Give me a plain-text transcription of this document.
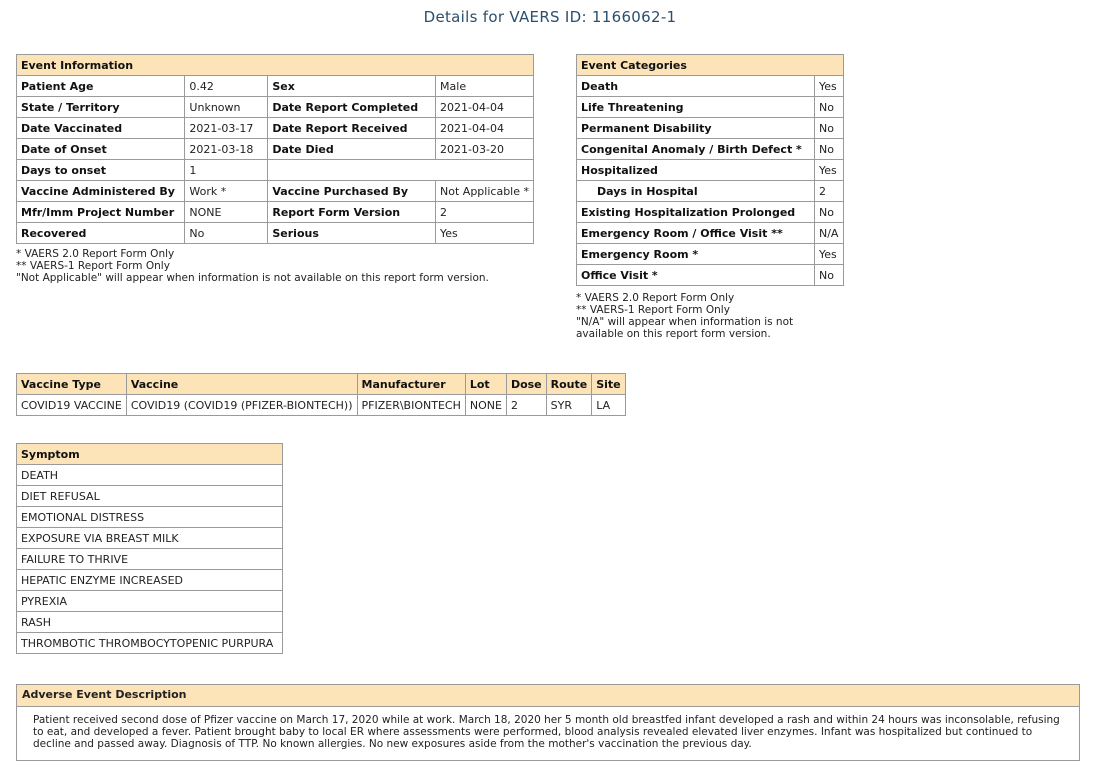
Details for VAERS ID: 1166062-1
Event Information			
Patient Age	0.42	Sex	Male
State / Territory	Unknown	Date Report Completed	2021-04-04
Date Vaccinated	2021-03-17	Date Report Received	2021-04-04
Date of Onset	2021-03-18	Date Died	2021-03-20
Days to onset	1		
Vaccine Administered By	Work *	Vaccine Purchased By	Not Applicable *
Mfr/Imm Project Number	NONE	Report Form Version	2
Recovered	No	Serious	Yes
* VAERS 2.0 Report Form Only
** VAERS-1 Report Form Only
"Not Applicable" will appear when information is not available on this report form version.
Event Categories	
Death	Yes
Life Threatening	No
Permanent Disability	No
Congenital Anomaly / Birth Defect *	No
Hospitalized	Yes
Days in Hospital	2
Existing Hospitalization Prolonged	No
Emergency Room / Office Visit **	N/A
Emergency Room *	Yes
Office Visit *	No
* VAERS 2.0 Report Form Only
** VAERS-1 Report Form Only
"N/A" will appear when information is not
available on this report form version.
Vaccine Type	Vaccine	Manufacturer	Lot	Dose	Route	Site
COVID19 VACCINE	COVID19 (COVID19 (PFIZER-BIONTECH))	PFIZER\BIONTECH	NONE	2	SYR	LA
Symptom
DEATH
DIET REFUSAL
EMOTIONAL DISTRESS
EXPOSURE VIA BREAST MILK
FAILURE TO THRIVE
HEPATIC ENZYME INCREASED
PYREXIA
RASH
THROMBOTIC THROMBOCYTOPENIC PURPURA
Adverse Event Description
Patient received second dose of Pfizer vaccine on March 17, 2020 while at work. March 18, 2020 her 5 month old breastfed infant developed a rash and within 24 hours was inconsolable, refusing to eat, and developed a fever. Patient brought baby to local ER where assessments were performed, blood analysis revealed elevated liver enzymes. Infant was hospitalized but continued to decline and passed away. Diagnosis of TTP. No known allergies. No new exposures aside from the mother's vaccination the previous day.
